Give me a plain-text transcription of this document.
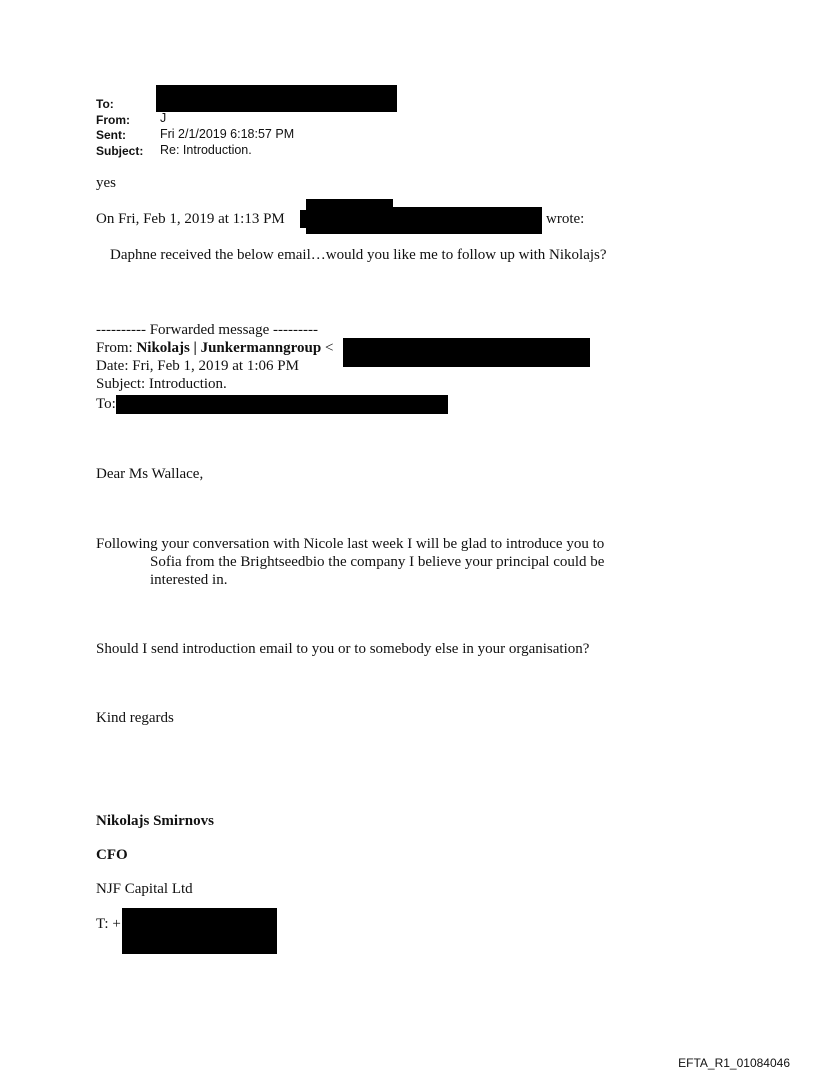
To:
From: J
Sent:	Fri 2/1/2019 6:18:57 PM
Subject: Re: Introduction.
yes
On Fri, Feb 1, 2019 at 1:13 PM	wrote:
Daphne received the below email…would you like me to follow up with Nikolajs?
---------- Forwarded message ---------
From: Nikolajs | Junkermanngroup <
Date: Fri, Feb 1, 2019 at 1:06 PM
Subject: Introduction.
To:
Dear Ms Wallace,
Following your conversation with Nicole last week I will be glad to introduce you to
Sofia from the Brightseedbio the company I believe your principal could be
interested in.
Should I send introduction email to you or to somebody else in your organisation?
Kind regards
Nikolajs Smirnovs
CFO
NJF Capital Ltd
T: +
EFTA_R1_01084046
